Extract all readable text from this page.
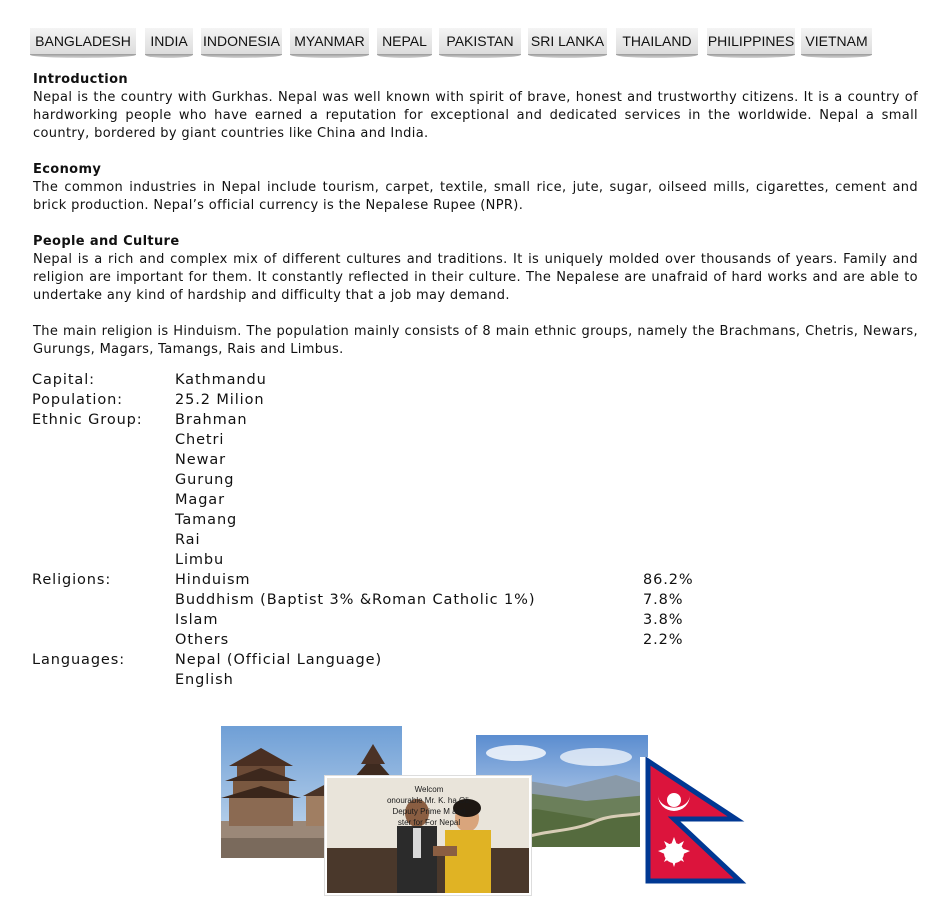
BANGLADESH	INDIA	INDONESIA	MYANMAR	NEPAL	PAKISTAN	SRI LANKA	THAILAND	PHILIPPINES VIETNAM

Introduction

Nepal is the country with Gurkhas. Nepal was well known with spirit of brave, honest and trustworthy citizens. It is a country of hardworking people who have earned a reputation for exceptional and dedicated services in the worldwide. Nepal a small country, bordered by giant countries like China and India.

Economy

The common industries in Nepal include tourism, carpet, textile, small rice, jute, sugar, oilseed mills, cigarettes, cement and brick production. Nepal’s official currency is the Nepalese Rupee (NPR).

People and Culture

Nepal is a rich and complex mix of different cultures and traditions. It is uniquely molded over thousands of years. Family and religion are important for them. It constantly reflected in their culture. The Nepalese are unafraid of hard works and are able to undertake any kind of hardship and difficulty that a job may demand.

The main religion is Hinduism. The population mainly consists of 8 main ethnic groups, namely the Brachmans, Chetris, Newars, Gurungs, Magars, Tamangs, Rais and Limbus.

Capital:	Kathmandu
Population:	25.2 Milion
Ethnic Group:	Brahman
Chetri
Newar
Gurung
Magar
Tamang
Rai
Limbu
Religions:	Hinduism	86.2%
Buddhism (Baptist 3% &Roman Catholic 1%)	7.8%
Islam	3.8%
Others	2.2%
Languages:	Nepal (Official Language)
English
Welcom
onourable Mr. K. ha Oli,
Deputy Prime M and
ster for For Nepal
